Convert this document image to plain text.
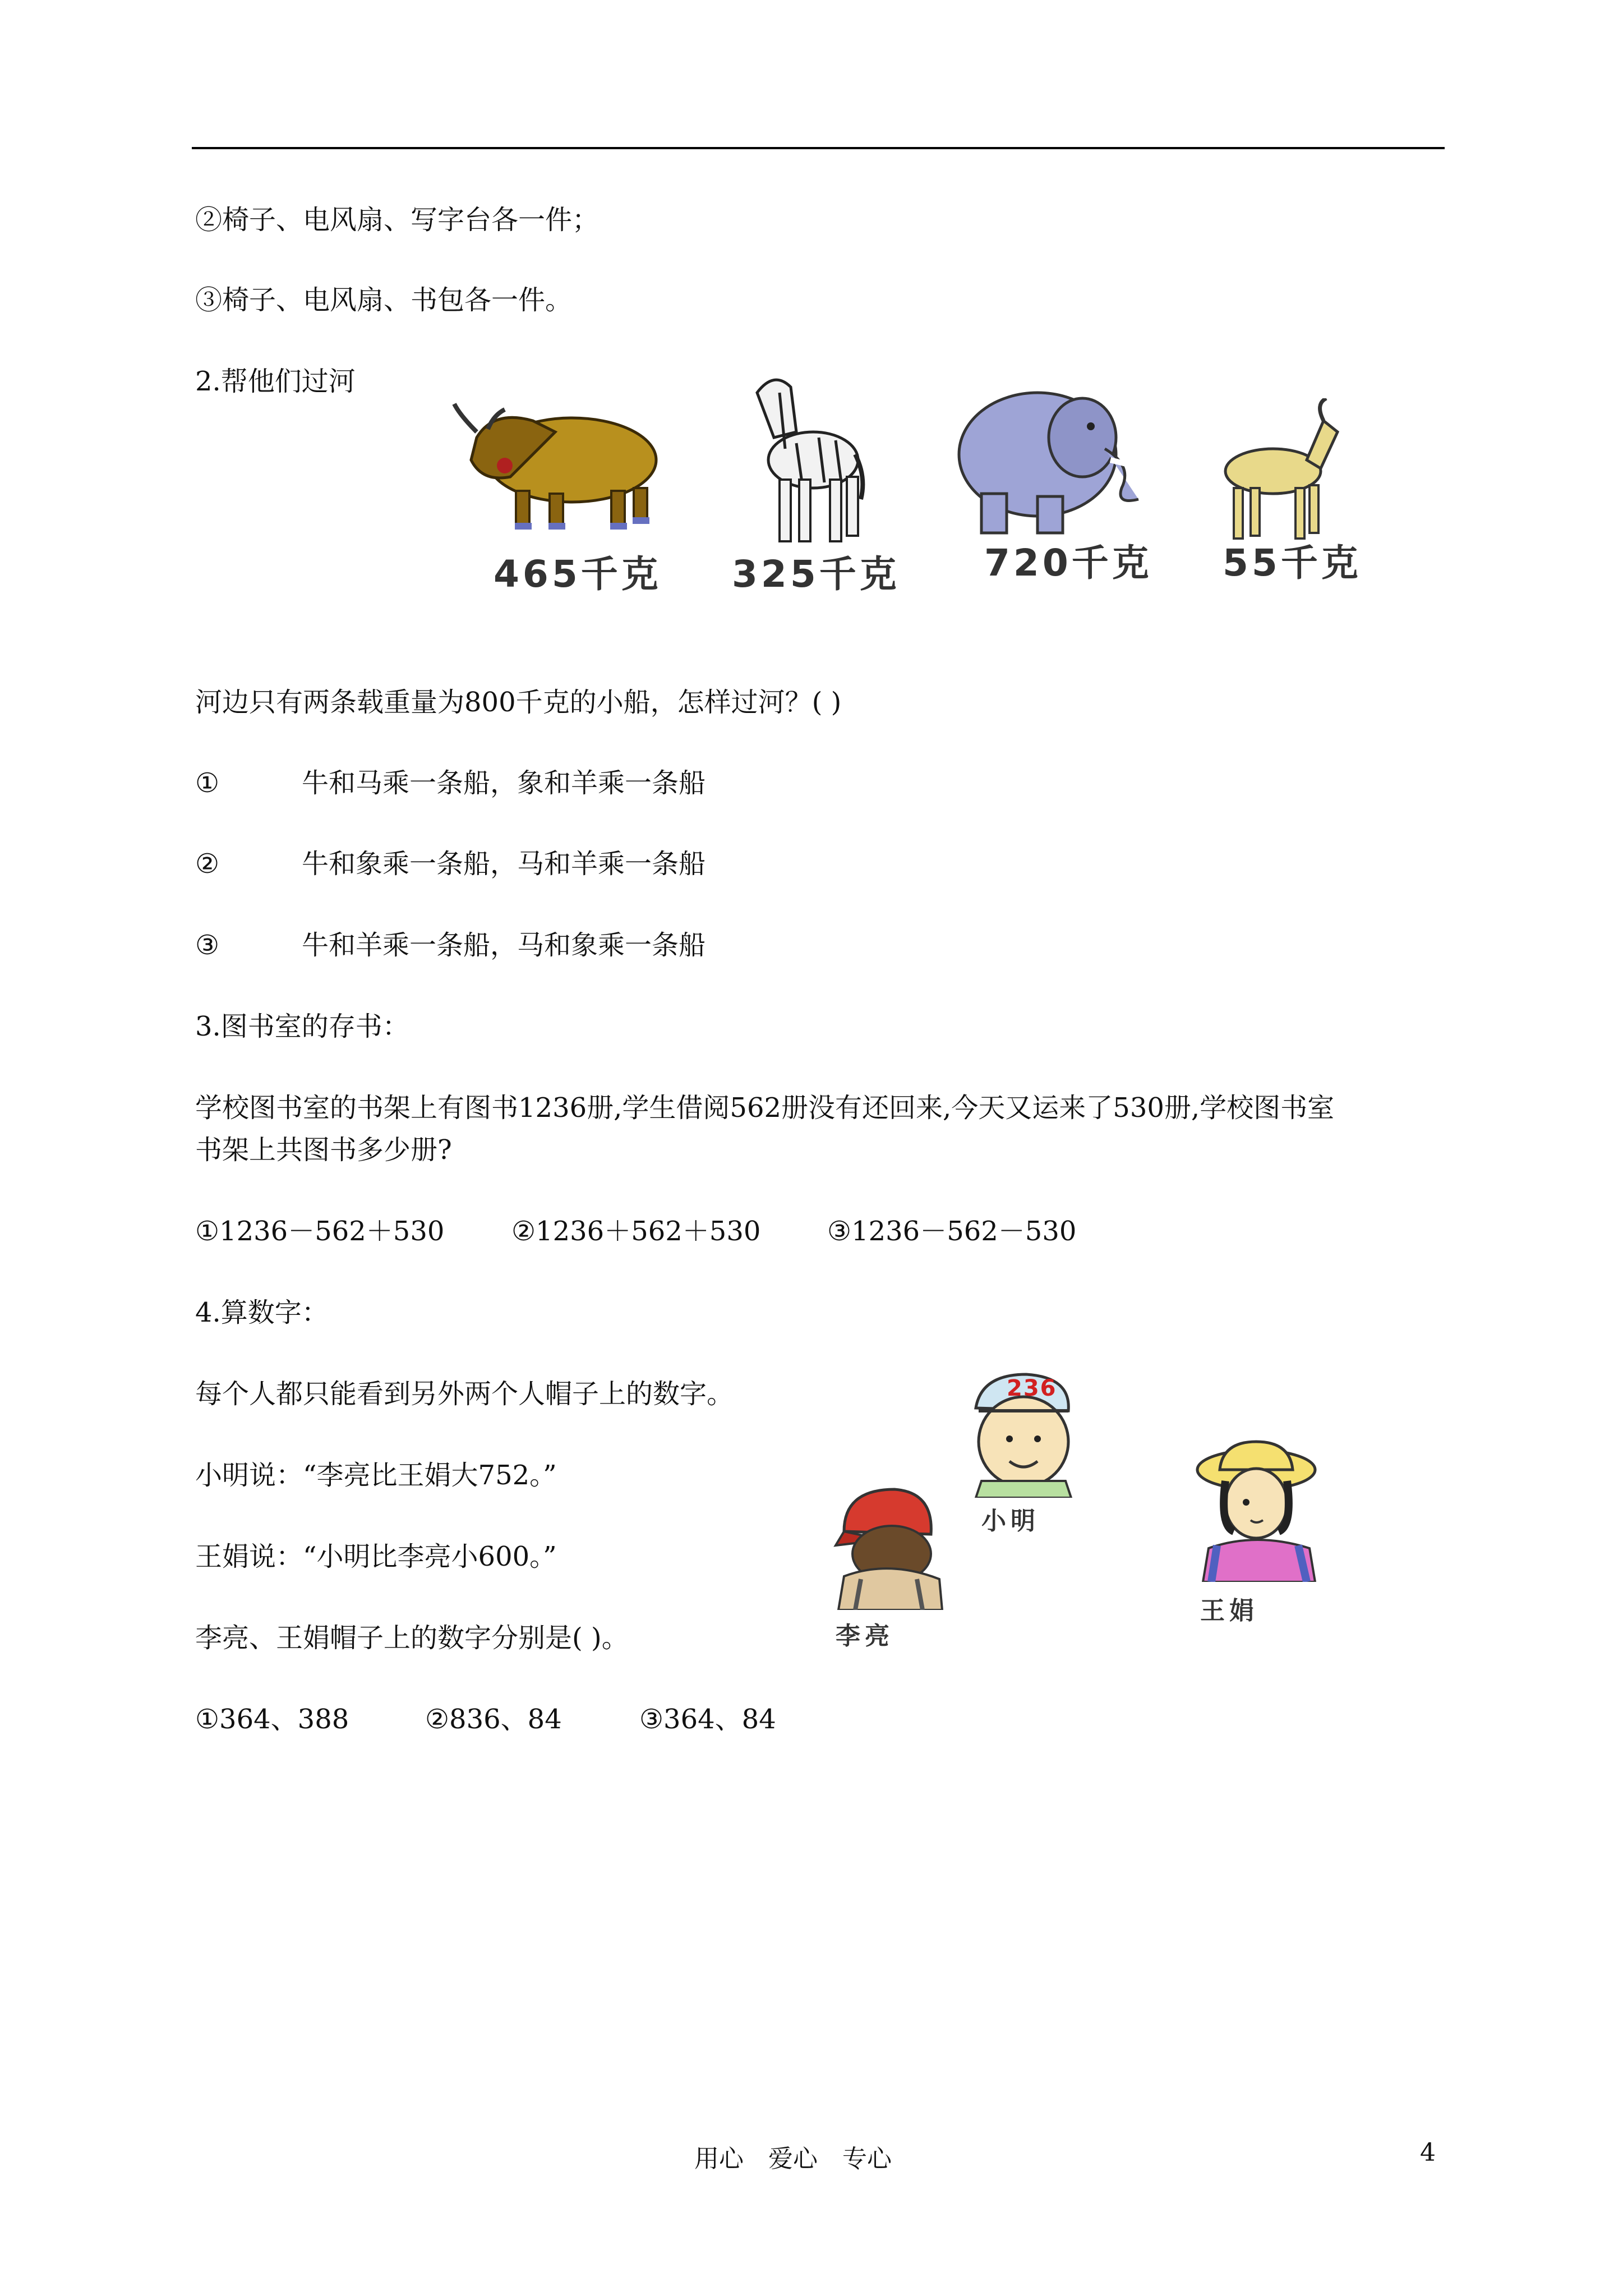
②椅子、电风扇、写字台各一件；
③椅子、电风扇、书包各一件。
2.帮他们过河
465千克 325千克 720千克 55千克
河边只有两条载重量为800千克的小船，怎样过河？( )
①	牛和马乘一条船，象和羊乘一条船
②	牛和象乘一条船，马和羊乘一条船
③	牛和羊乘一条船，马和象乘一条船
3.图书室的存书：
学校图书室的书架上有图书1236册,学生借阅562册没有还回来,今天又运来了530册,学校图书室
书架上共图书多少册?
①1236－562＋530 ②1236＋562＋530 ③1236－562－530
4.算数字：
每个人都只能看到另外两个人帽子上的数字。
小明说：“李亮比王娟大752。”
王娟说：“小明比李亮小600。”
李亮、王娟帽子上的数字分别是( )。
236
小明
李亮
王娟
①364、388	②836、84	③364、84
用心　爱心　专心	4
